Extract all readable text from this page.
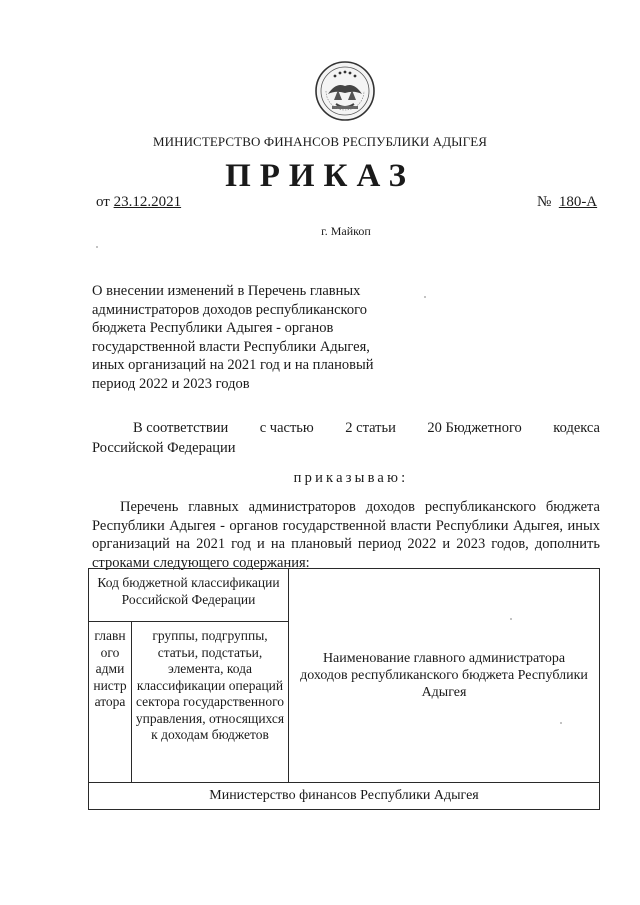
МИНИСТЕРСТВО ФИНАНСОВ РЕСПУБЛИКИ АДЫГЕЯ
ПРИКАЗ
от 23.12.2021	№ 180-А
г. Майкоп
О внесении изменений в Перечень главных администраторов доходов республиканского бюджета Республики Адыгея - органов государственной власти Республики Адыгея, иных организаций на 2021 год и на плановый период 2022 и 2023 годов
В соответствии с частью 2 статьи 20 Бюджетного кодекса
Российской Федерации
приказываю:
Перечень главных администраторов доходов республиканского бюджета Республики Адыгея - органов государственной власти Республики Адыгея, иных организаций на 2021 год и на плановый период 2022 и 2023 годов, дополнить строками следующего содержания:
Код бюджетной классификации Российской Федерации		Наименование главного администратора доходов республиканского бюджета Республики Адыгея
главн ого адми нистр атора	группы, подгруппы, статьи, подстатьи, элемента, кода классификации операций сектора государственного управления, относящихся к доходам бюджетов	
Министерство финансов Республики Адыгея		
